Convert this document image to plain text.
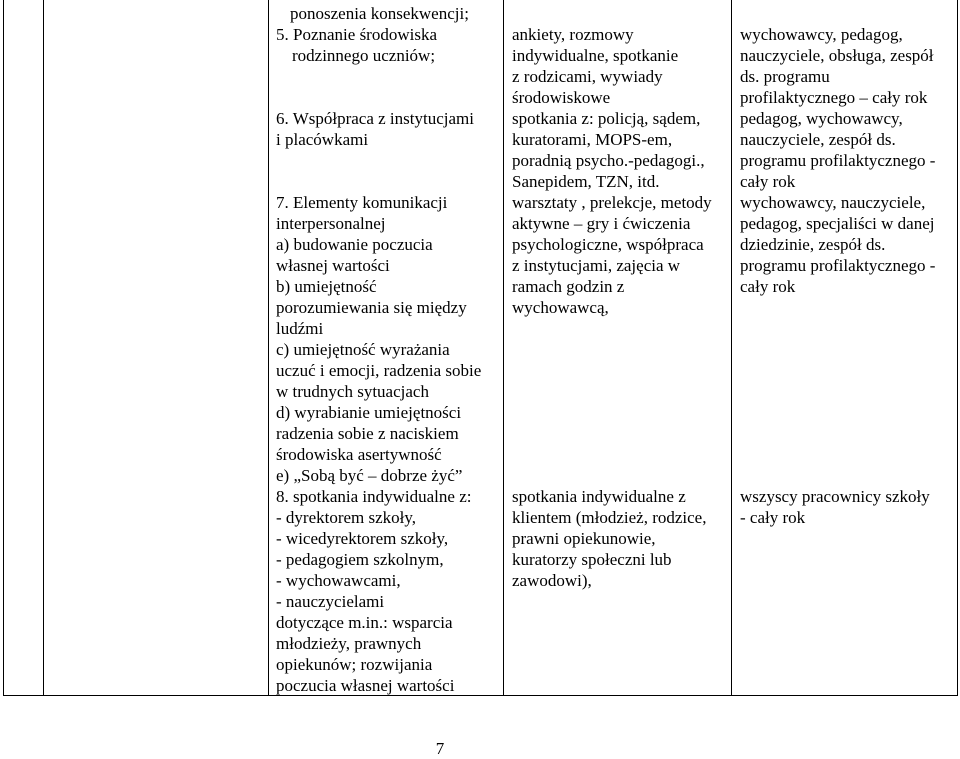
ponoszenia konsekwencji;
5. Poznanie środowiska
rodzinnego uczniów;
6. Współpraca z instytucjami
i placówkami
7. Elementy komunikacji
interpersonalnej
a) budowanie poczucia
własnej wartości
b) umiejętność
porozumiewania się między
ludźmi
c) umiejętność wyrażania
uczuć i emocji, radzenia sobie
w trudnych sytuacjach
d) wyrabianie umiejętności
radzenia sobie z naciskiem
środowiska asertywność
e) „Sobą być – dobrze żyć”
8. spotkania indywidualne z:
- dyrektorem szkoły,
- wicedyrektorem szkoły,
- pedagogiem szkolnym,
- wychowawcami,
- nauczycielami
dotyczące m.in.: wsparcia
młodzieży, prawnych
opiekunów; rozwijania
poczucia własnej wartości
ankiety, rozmowy
indywidualne, spotkanie
z rodzicami, wywiady
środowiskowe
spotkania z: policją, sądem,
kuratorami, MOPS-em,
poradnią psycho.-pedagogi.,
Sanepidem, TZN, itd.
warsztaty , prelekcje, metody
aktywne – gry i ćwiczenia
psychologiczne, współpraca
z instytucjami, zajęcia w
ramach godzin z
wychowawcą,
spotkania indywidualne z
klientem (młodzież, rodzice,
prawni opiekunowie,
kuratorzy społeczni lub
zawodowi),
wychowawcy, pedagog,
nauczyciele, obsługa, zespół
ds. programu
profilaktycznego – cały rok
pedagog, wychowawcy,
nauczyciele, zespół ds.
programu profilaktycznego -
cały rok
wychowawcy, nauczyciele,
pedagog, specjaliści w danej
dziedzinie, zespół ds.
programu profilaktycznego -
cały rok
wszyscy pracownicy szkoły
- cały rok
7
